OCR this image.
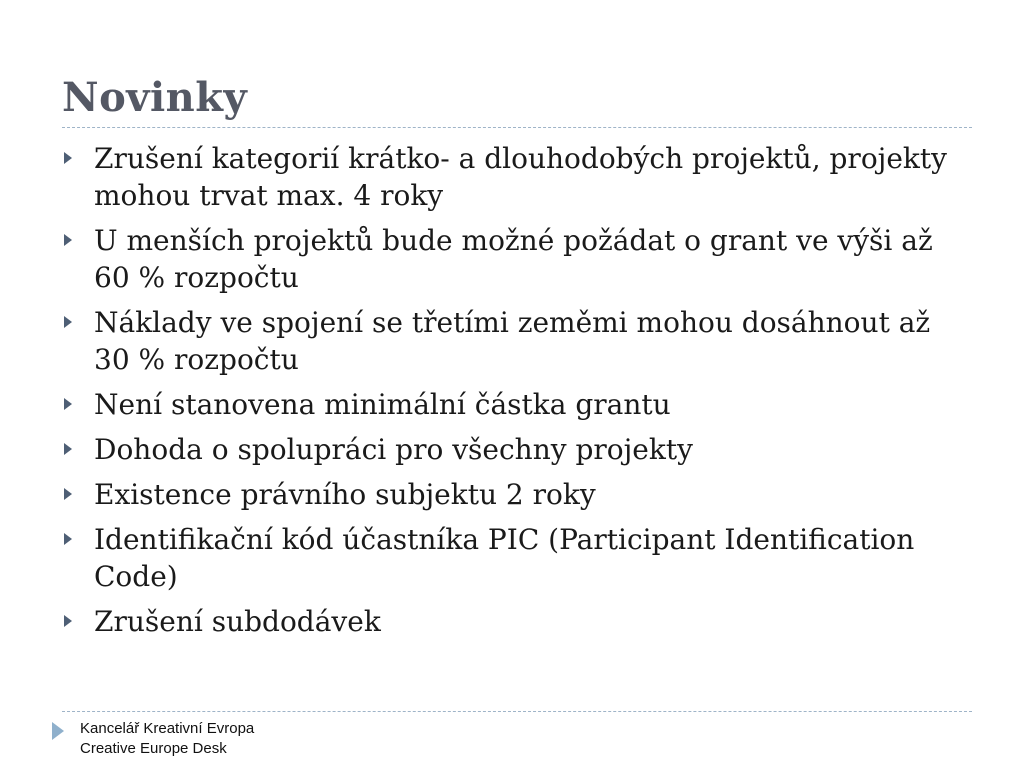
Novinky
Zrušení kategorií krátko- a dlouhodobých projektů, projekty mohou trvat max. 4 roky
U menších projektů bude možné požádat o grant ve výši až 60 % rozpočtu
Náklady ve spojení se třetími zeměmi mohou dosáhnout až 30 % rozpočtu
Není stanovena minimální částka grantu
Dohoda o spolupráci pro všechny projekty
Existence právního subjektu 2 roky
Identifikační kód účastníka PIC (Participant Identification Code)
Zrušení subdodávek
Kancelář Kreativní Evropa
Creative Europe Desk
